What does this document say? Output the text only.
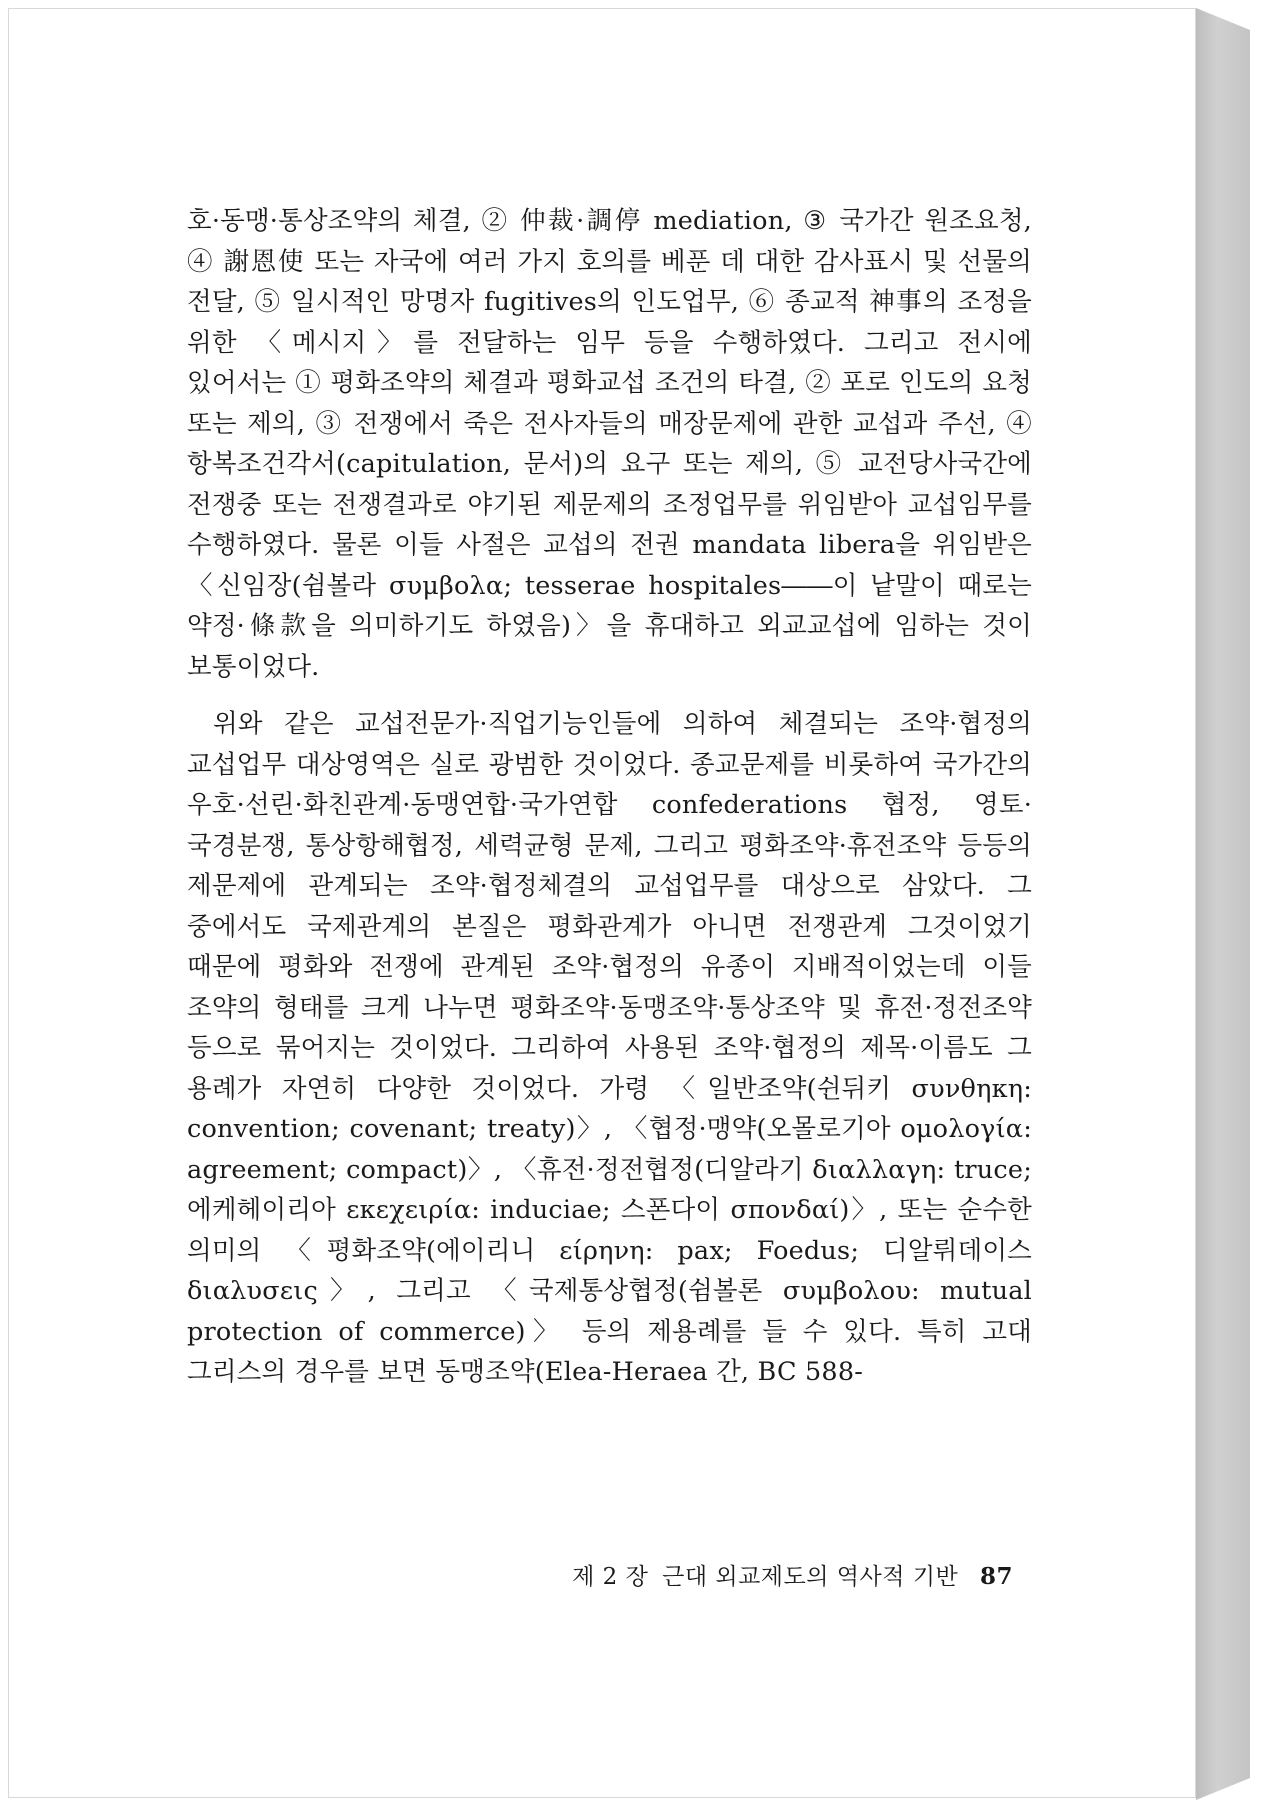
호·동맹·통상조약의 체결, ② 仲裁·調停 mediation, ③ 국가간 원조요청, ④ 謝恩使 또는 자국에 여러 가지 호의를 베푼 데 대한 감사표시 및 선물의 전달, ⑤ 일시적인 망명자 fugitives의 인도업무, ⑥ 종교적 神事의 조정을 위한 〈메시지〉를 전달하는 임무 등을 수행하였다. 그리고 전시에 있어서는 ① 평화조약의 체결과 평화교섭 조건의 타결, ② 포로 인도의 요청 또는 제의, ③ 전쟁에서 죽은 전사자들의 매장문제에 관한 교섭과 주선, ④ 항복조건각서(capitulation, 문서)의 요구 또는 제의, ⑤ 교전당사국간에 전쟁중 또는 전쟁결과로 야기된 제문제의 조정업무를 위임받아 교섭임무를 수행하였다. 물론 이들 사절은 교섭의 전권 mandata libera을 위임받은 〈신임장(쉼볼라 συμβολα; tesserae hospitales――이 낱말이 때로는 약정·條款을 의미하기도 하였음)〉을 휴대하고 외교교섭에 임하는 것이 보통이었다.

위와 같은 교섭전문가·직업기능인들에 의하여 체결되는 조약·협정의 교섭업무 대상영역은 실로 광범한 것이었다. 종교문제를 비롯하여 국가간의 우호·선린·화친관계·동맹연합·국가연합 confederations 협정, 영토·국경분쟁, 통상항해협정, 세력균형 문제, 그리고 평화조약·휴전조약 등등의 제문제에 관계되는 조약·협정체결의 교섭업무를 대상으로 삼았다. 그 중에서도 국제관계의 본질은 평화관계가 아니면 전쟁관계 그것이었기 때문에 평화와 전쟁에 관계된 조약·협정의 유종이 지배적이었는데 이들 조약의 형태를 크게 나누면 평화조약·동맹조약·통상조약 및 휴전·정전조약 등으로 묶어지는 것이었다. 그리하여 사용된 조약·협정의 제목·이름도 그 용례가 자연히 다양한 것이었다. 가령 〈일반조약(쉰뒤키 συνθηκη: convention; covenant; treaty)〉, 〈협정·맹약(오몰로기아 ομολογία: agreement; compact)〉, 〈휴전·정전협정(디알라기 διαλλαγη: truce; 에케헤이리아 εκεχειρία: induciae; 스폰다이 σπονδαί)〉, 또는 순수한 의미의 〈평화조약(에이리니 είρηνη: pax; Foedus; 디알뤼데이스 διαλυσεις〉, 그리고 〈국제통상협정(쉼볼론 συμβολου: mutual protection of commerce)〉 등의 제용례를 들 수 있다. 특히 고대 그리스의 경우를 보면 동맹조약(Elea-Heraea 간, BC 588-

제 2 장 근대 외교제도의 역사적 기반 87
